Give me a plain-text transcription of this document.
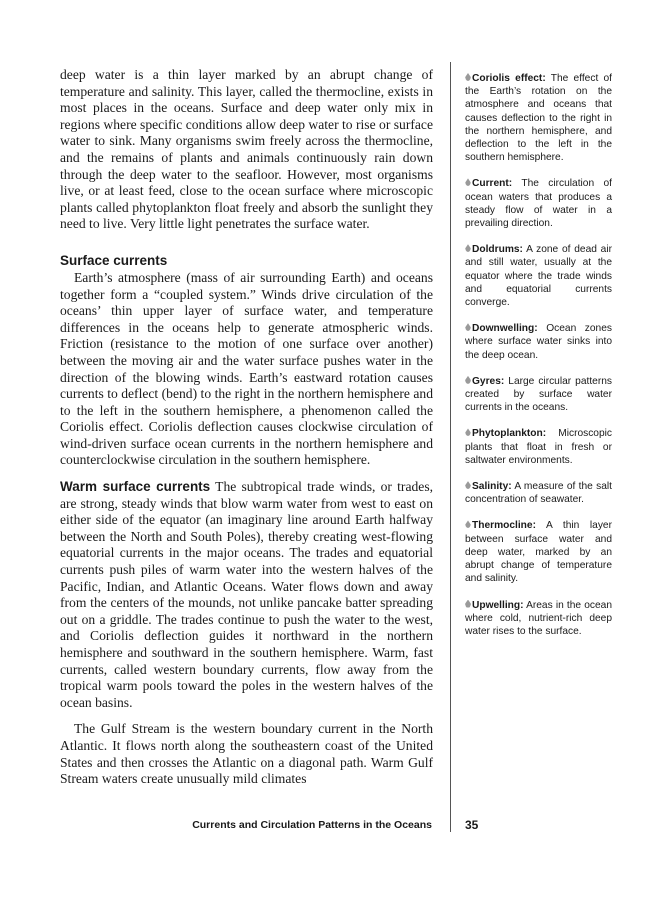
deep water is a thin layer marked by an abrupt change of temperature and salinity. This layer, called the thermocline, exists in most places in the oceans. Surface and deep water only mix in regions where specific conditions allow deep water to rise or surface water to sink. Many organisms swim freely across the thermocline, and the remains of plants and animals continuously rain down through the deep water to the seafloor. However, most organisms live, or at least feed, close to the ocean surface where microscopic plants called phytoplankton float freely and absorb the sunlight they need to live. Very little light penetrates the surface water.

Surface currents

Earth’s atmosphere (mass of air surrounding Earth) and oceans together form a “coupled system.” Winds drive circulation of the oceans’ thin upper layer of surface water, and temperature differences in the oceans help to generate atmospheric winds. Friction (resistance to the motion of one surface over another) between the moving air and the water surface pushes water in the direction of the blowing winds. Earth’s eastward rotation causes currents to deflect (bend) to the right in the northern hemisphere and to the left in the southern hemisphere, a phenomenon called the Coriolis effect. Coriolis deflection causes clockwise circulation of wind-driven surface ocean currents in the northern hemisphere and counterclockwise circulation in the southern hemisphere.

Warm surface currents The subtropical trade winds, or trades, are strong, steady winds that blow warm water from west to east on either side of the equator (an imaginary line around Earth halfway between the North and South Poles), thereby creating west-flowing equatorial currents in the major oceans. The trades and equatorial currents push piles of warm water into the western halves of the Pacific, Indian, and Atlantic Oceans. Water flows down and away from the centers of the mounds, not unlike pancake batter spreading out on a griddle. The trades continue to push the water to the west, and Coriolis deflection guides it northward in the northern hemisphere and southward in the southern hemisphere. Warm, fast currents, called western boundary currents, flow away from the tropical warm pools toward the poles in the western halves of the ocean basins.

The Gulf Stream is the western boundary current in the North Atlantic. It flows north along the southeastern coast of the United States and then crosses the Atlantic on a diagonal path. Warm Gulf Stream waters create unusually mild climates

Coriolis effect: The effect of the Earth’s rotation on the atmosphere and oceans that causes deflection to the right in the northern hemisphere, and deflection to the left in the southern hemisphere.

Current: The circulation of ocean waters that produces a steady flow of water in a prevailing direction.

Doldrums: A zone of dead air and still water, usually at the equator where the trade winds and equatorial currents converge.

Downwelling: Ocean zones where surface water sinks into the deep ocean.

Gyres: Large circular patterns created by surface water currents in the oceans.

Phytoplankton: Microscopic plants that float in fresh or saltwater environments.

Salinity: A measure of the salt concentration of seawater.

Thermocline: A thin layer between surface water and deep water, marked by an abrupt change of temperature and salinity.

Upwelling: Areas in the ocean where cold, nutrient-rich deep water rises to the surface.

Currents and Circulation Patterns in the Oceans	35
